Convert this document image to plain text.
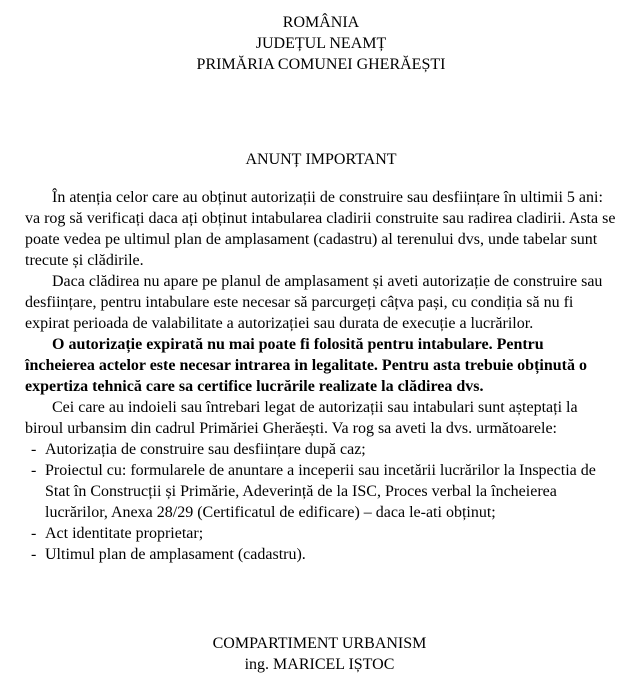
ROMÂNIA
JUDEȚUL NEAMȚ
PRIMĂRIA COMUNEI GHERĂEȘTI
ANUNȚ IMPORTANT

În atenția celor care au obținut autorizații de construire sau desființare în ultimii 5 ani: va rog să verificați daca ați obținut intabularea cladirii construite sau radirea cladirii. Asta se poate vedea pe ultimul plan de amplasament (cadastru) al terenului dvs, unde tabelar sunt trecute și clădirile.

Daca clădirea nu apare pe planul de amplasament și aveti autorizație de construire sau desființare, pentru intabulare este necesar să parcurgeți câțva pași, cu condiția să nu fi expirat perioada de valabilitate a autorizației sau durata de execuție a lucrărilor.

O autorizație expirată nu mai poate fi folosită pentru intabulare. Pentru încheierea actelor este necesar intrarea in legalitate. Pentru asta trebuie obținută o expertiza tehnică care sa certifice lucrările realizate la clădirea dvs.

Cei care au indoieli sau întrebari legat de autorizații sau intabulari sunt așteptați la biroul urbansim din cadrul Primăriei Gherăești. Va rog sa aveti la dvs. următoarele:

- Autorizația de construire sau desființare după caz;
- Proiectul cu: formularele de anuntare a inceperii sau incetării lucrărilor la Inspectia de Stat în Construcții și Primărie, Adeverință de la ISC, Proces verbal la încheierea lucrărilor, Anexa 28/29 (Certificatul de edificare) – daca le-ati obținut;
- Act identitate proprietar;
- Ultimul plan de amplasament (cadastru).
COMPARTIMENT URBANISM
ing. MARICEL IȘTOC
